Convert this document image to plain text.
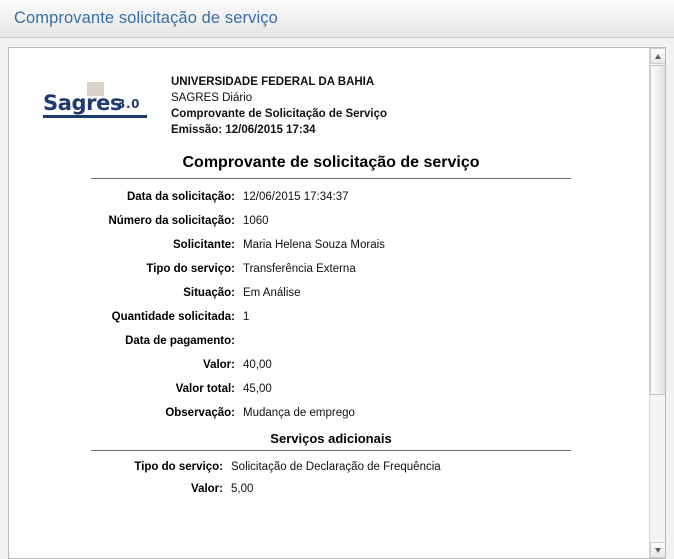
Comprovante solicitação de serviço
Sagres
3.0
UNIVERSIDADE FEDERAL DA BAHIA
SAGRES Diário
Comprovante de Solicitação de Serviço
Emissão: 12/06/2015 17:34
Comprovante de solicitação de serviço
Data da solicitação: 12/06/2015 17:34:37
Número da solicitação: 1060
Solicitante: Maria Helena Souza Morais
Tipo do serviço: Transferência Externa
Situação: Em Análise
Quantidade solicitada: 1
Data de pagamento:
Valor: 40,00
Valor total: 45,00
Observação: Mudança de emprego
Serviços adicionais
Tipo do serviço: Solicitação de Declaração de Frequência
Valor: 5,00
